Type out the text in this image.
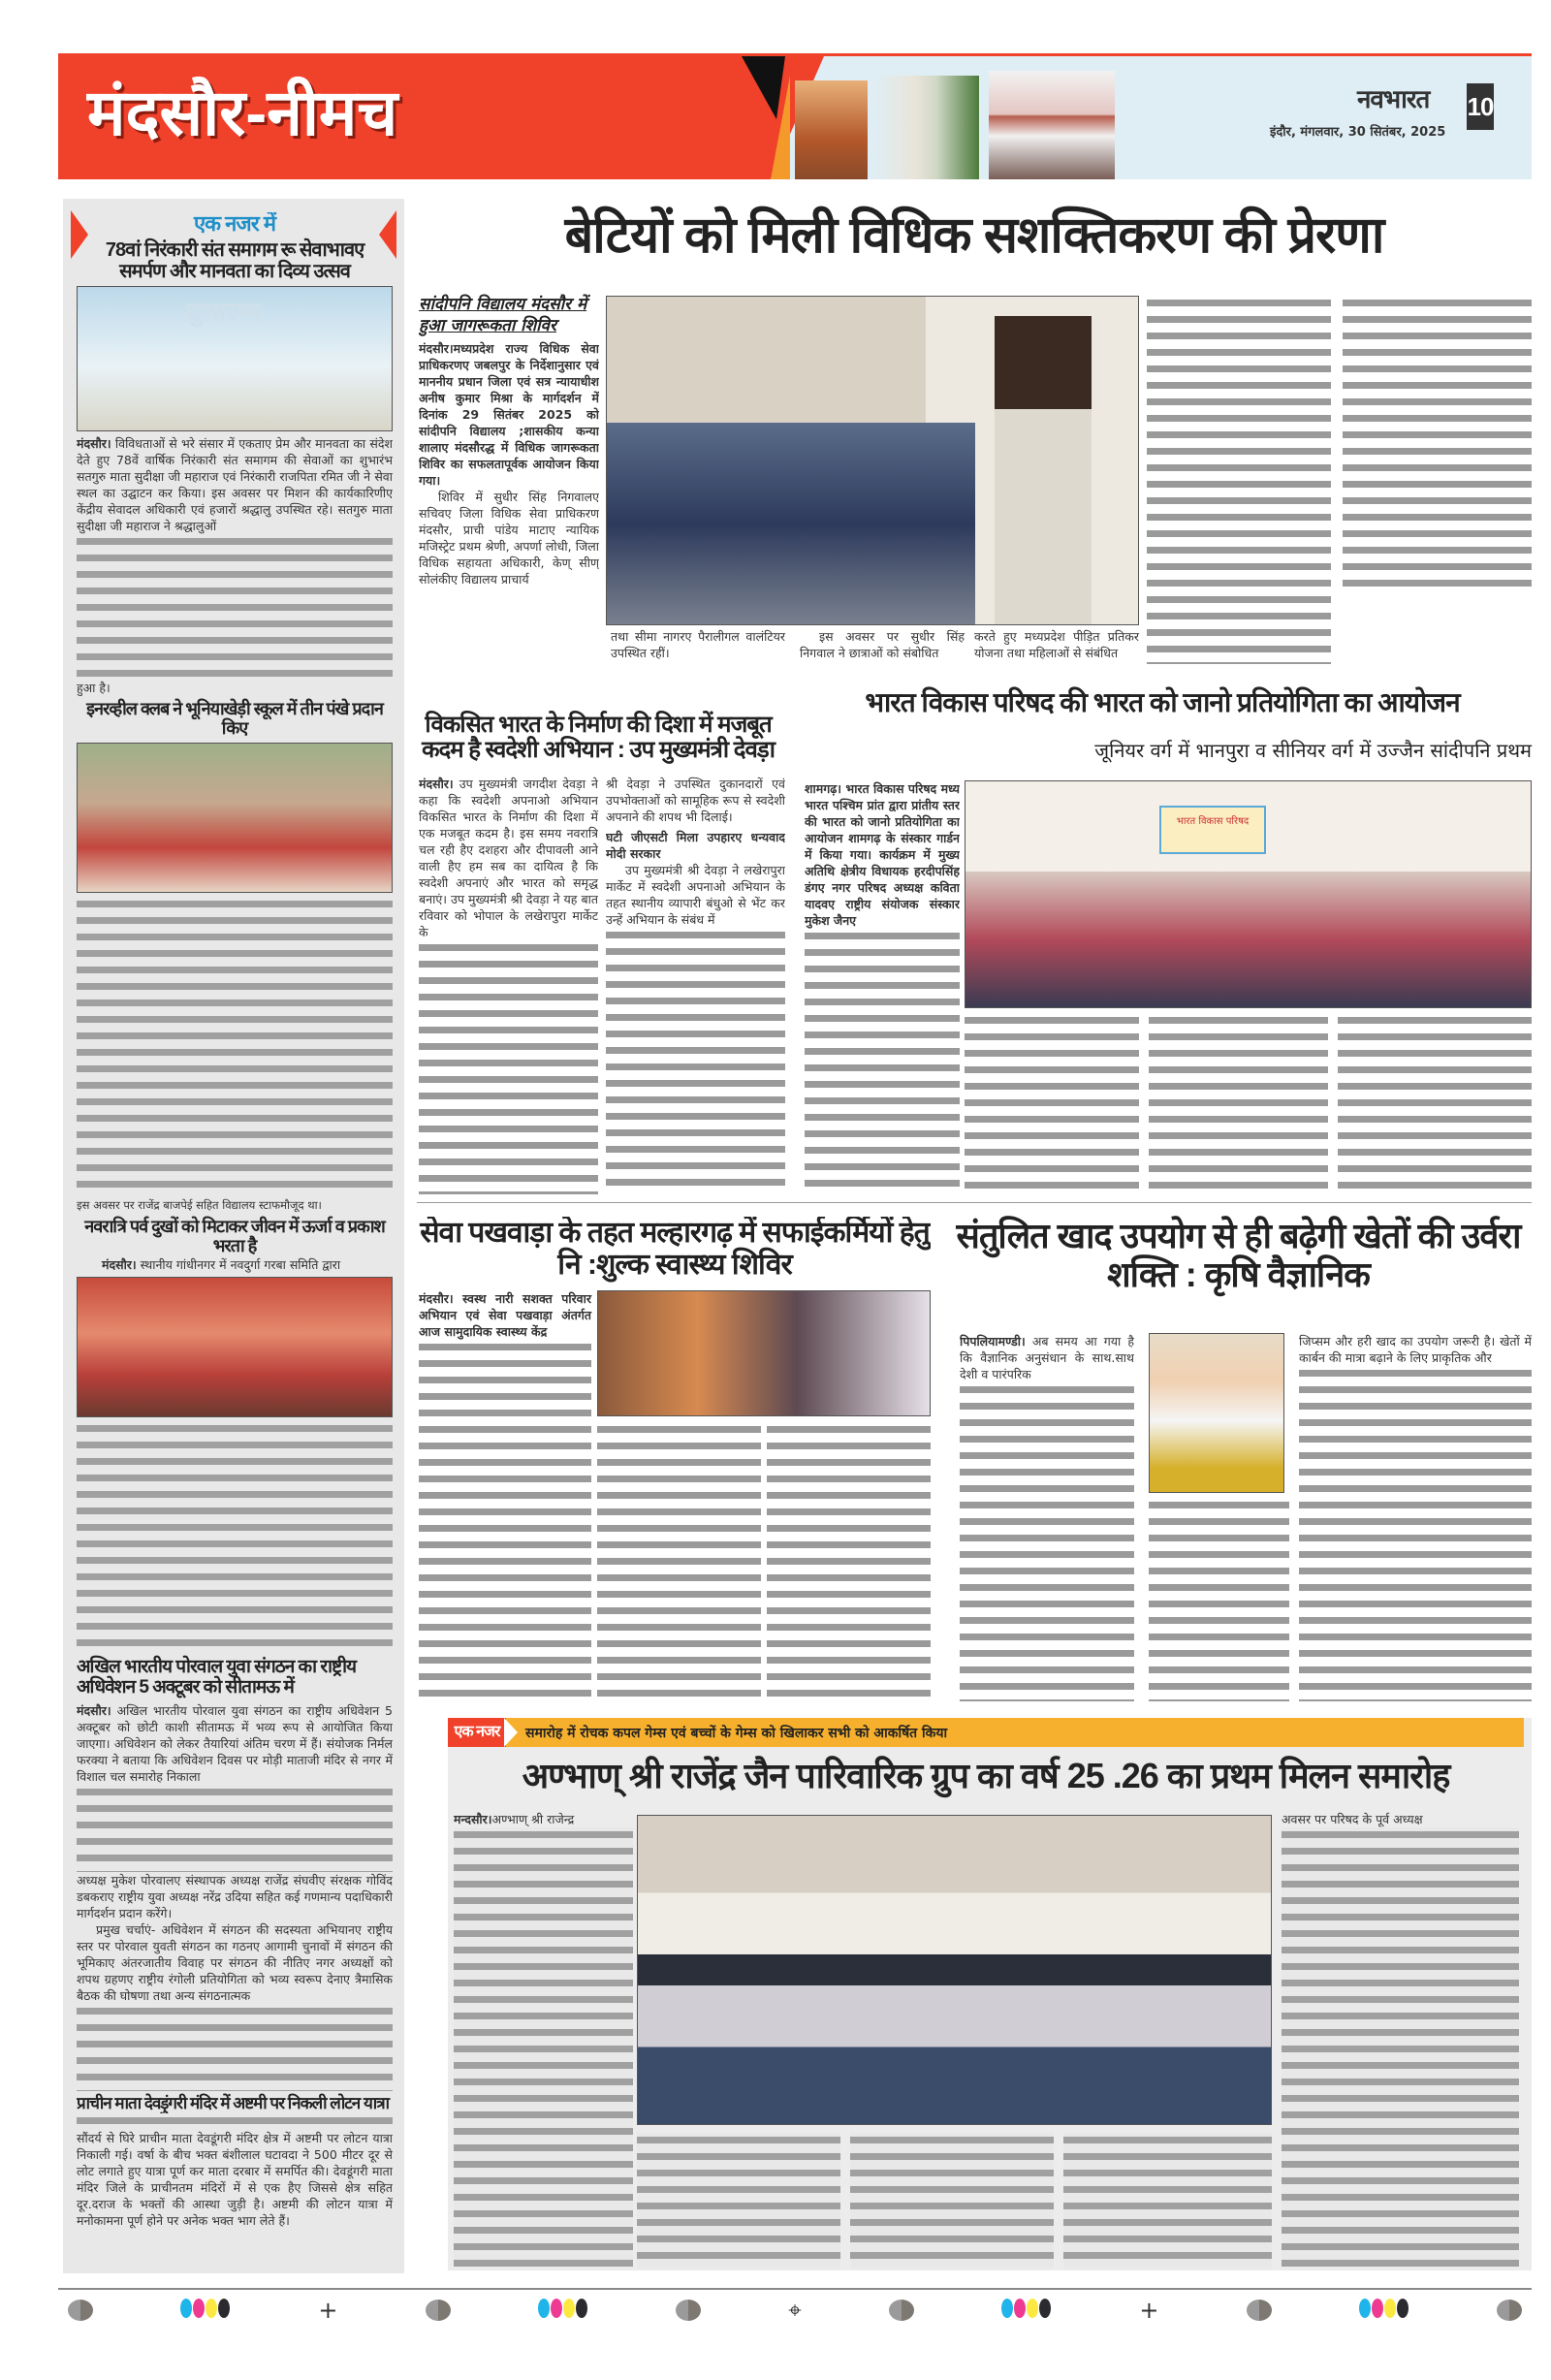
मंदसौर-नीमच	नवभारत
इंदौर, मंगलवार, 30 सितंबर, 2025
10
एक नजर में
78वां निरंकारी संत समागम रू सेवाभावए समर्पण और मानवता का दिव्य उत्सव
शुभारम्भ
मंदसौर। विविधताओं से भरे संसार में एकताए प्रेम और मानवता का संदेश देते हुए 78वें वार्षिक निरंकारी संत समागम की सेवाओं का शुभारंभ सतगुरु माता सुदीक्षा जी महाराज एवं निरंकारी राजपिता रमित जी ने सेवा स्थल का उद्घाटन कर किया। इस अवसर पर मिशन की कार्यकारिणीए केंद्रीय सेवादल अधिकारी एवं हजारों श्रद्धालु उपस्थित रहे। सतगुरु माता सुदीक्षा जी महाराज ने श्रद्धालुओं
हुआ है।
इनरव्हील क्लब ने भूनियाखेड़ी स्कूल में तीन पंखे प्रदान किए
इस अवसर पर राजेंद्र बाजपेई सहित विद्यालय स्टाफमौजूद था।
नवरात्रि पर्व दुखों को मिटाकर जीवन में ऊर्जा व प्रकाश भरता है
मंदसौर। स्थानीय गांधीनगर में नवदुर्गा गरबा समिति द्वारा
अखिल भारतीय पोरवाल युवा संगठन का राष्ट्रीय अधिवेशन 5 अक्टूबर को सीतामऊ में
मंदसौर। अखिल भारतीय पोरवाल युवा संगठन का राष्ट्रीय अधिवेशन 5 अक्टूबर को छोटी काशी सीतामऊ में भव्य रूप से आयोजित किया जाएगा। अधिवेशन को लेकर तैयारियां अंतिम चरण में हैं। संयोजक निर्मल फरक्या ने बताया कि अधिवेशन दिवस पर मोड़ी माताजी मंदिर से नगर में विशाल चल समारोह निकाला
अध्यक्ष मुकेश पोरवालए संस्थापक अध्यक्ष राजेंद्र संघवीए संरक्षक गोविंद डबकराए राष्ट्रीय युवा अध्यक्ष नरेंद्र उदिया सहित कई गणमान्य पदाधिकारी मार्गदर्शन प्रदान करेंगे।
प्रमुख चर्चाएं- अधिवेशन में संगठन की सदस्यता अभियानए राष्ट्रीय स्तर पर पोरवाल युवती संगठन का गठनए आगामी चुनावों में संगठन की भूमिकाए अंतरजातीय विवाह पर संगठन की नीतिए नगर अध्यक्षों को शपथ ग्रहणए राष्ट्रीय रंगोली प्रतियोगिता को भव्य स्वरूप देनाए त्रैमासिक बैठक की घोषणा तथा अन्य संगठनात्मक
प्राचीन माता देवड़ुंगरी मंदिर में अष्टमी पर निकली लोटन यात्रा
सौंदर्य से घिरे प्राचीन माता देवडूंगरी मंदिर क्षेत्र में अष्टमी पर लोटन यात्रा निकाली गई। वर्षा के बीच भक्त बंशीलाल घटावदा ने 500 मीटर दूर से लोट लगाते हुए यात्रा पूर्ण कर माता दरबार में समर्पित की। देवडूंगरी माता मंदिर जिले के प्राचीनतम मंदिरों में से एक हैए जिससे क्षेत्र सहित दूर.दराज के भक्तों की आस्था जुड़ी है। अष्टमी की लोटन यात्रा में मनोकामना पूर्ण होने पर अनेक भक्त भाग लेते हैं।
बेटियों को मिली विधिक सशक्तिकरण की प्रेरणा
सांदीपनि विद्यालय मंदसौर में हुआ जागरूकता शिविर
मंदसौर।मध्यप्रदेश राज्य विधिक सेवा प्राधिकरणए जबलपुर के निर्देशानुसार एवं माननीय प्रधान जिला एवं सत्र न्यायाधीश अनीष कुमार मिश्रा के मार्गदर्शन में दिनांक 29 सितंबर 2025 को सांदीपनि विद्यालय ;शासकीय कन्या शालाए मंदसौरद्ध में विधिक जागरूकता शिविर का सफलतापूर्वक आयोजन किया गया।
शिविर में सुधीर सिंह निगवालए सचिवए जिला विधिक सेवा प्राधिकरण मंदसौर, प्राची पांडेय माटाए न्यायिक मजिस्ट्रेट प्रथम श्रेणी, अपर्णा लोधी, जिला विधिक सहायता अधिकारी, केण् सीण् सोलंकीए विद्यालय प्राचार्य
तथा सीमा नागरए पैरालीगल वालंटियर उपस्थित रहीं।
इस अवसर पर सुधीर सिंह निगवाल ने छात्राओं को संबोधित
करते हुए मध्यप्रदेश पीड़ित प्रतिकर योजना तथा महिलाओं से संबंधित
विकसित भारत के निर्माण की दिशा में मजबूत कदम है स्वदेशी अभियान : उप मुख्यमंत्री देवड़ा
मंदसौर। उप मुख्यमंत्री जगदीश देवड़ा ने कहा कि स्वदेशी अपनाओ अभियान विकसित भारत के निर्माण की दिशा में एक मजबूत कदम है। इस समय नवरात्रि चल रही हैए दशहरा और दीपावली आने वाली हैए हम सब का दायित्व है कि स्वदेशी अपनाएं और भारत को समृद्ध बनाएं। उप मुख्यमंत्री श्री देवड़ा ने यह बात रविवार को भोपाल के लखेरापुरा मार्केट के
श्री देवड़ा ने उपस्थित दुकानदारों एवं उपभोक्ताओं को सामूहिक रूप से स्वदेशी अपनाने की शपथ भी दिलाई।
घटी जीएसटी मिला उपहारए धन्यवाद मोदी सरकार
उप मुख्यमंत्री श्री देवड़ा ने लखेरापुरा मार्केट में स्वदेशी अपनाओ अभियान के तहत स्थानीय व्यापारी बंधुओ से भेंट कर उन्हें अभियान के संबंध में
भारत विकास परिषद की भारत को जानो प्रतियोगिता का आयोजन
जूनियर वर्ग में भानपुरा व सीनियर वर्ग में उज्जैन सांदीपनि प्रथम
शामगढ़। भारत विकास परिषद मध्य भारत पश्चिम प्रांत द्वारा प्रांतीय स्तर की भारत को जानो प्रतियोगिता का आयोजन शामगढ़ के संस्कार गार्डन में किया गया। कार्यक्रम में मुख्य अतिथि क्षेत्रीय विधायक हरदीपसिंह डंगए नगर परिषद अध्यक्ष कविता यादवए राष्ट्रीय संयोजक संस्कार मुकेश जैनए
भारत विकास परिषद
सेवा पखवाड़ा के तहत मल्हारगढ़ में सफाईकर्मियों हेतु नि :शुल्क स्वास्थ्य शिविर
मंदसौर। स्वस्थ नारी सशक्त परिवार अभियान एवं सेवा पखवाड़ा अंतर्गत आज सामुदायिक स्वास्थ्य केंद्र
संतुलित खाद उपयोग से ही बढ़ेगी खेतों की उर्वरा शक्ति : कृषि वैज्ञानिक
पिपलियामण्डी। अब समय आ गया है कि वैज्ञानिक अनुसंधान के साथ.साथ देशी व पारंपरिक
जिप्सम और हरी खाद का उपयोग जरूरी है। खेतों में कार्बन की मात्रा बढ़ाने के लिए प्राकृतिक और
एक नजर	समारोह में रोचक कपल गेम्स एवं बच्चों के गेम्स को खिलाकर सभी को आकर्षित किया
अण्भाण् श्री राजेंद्र जैन पारिवारिक ग्रुप का वर्ष 25 .26 का प्रथम मिलन समारोह
मन्दसौर।अण्भाण् श्री राजेन्द्र	अवसर पर परिषद के पूर्व अध्यक्ष
+	⌖	+
